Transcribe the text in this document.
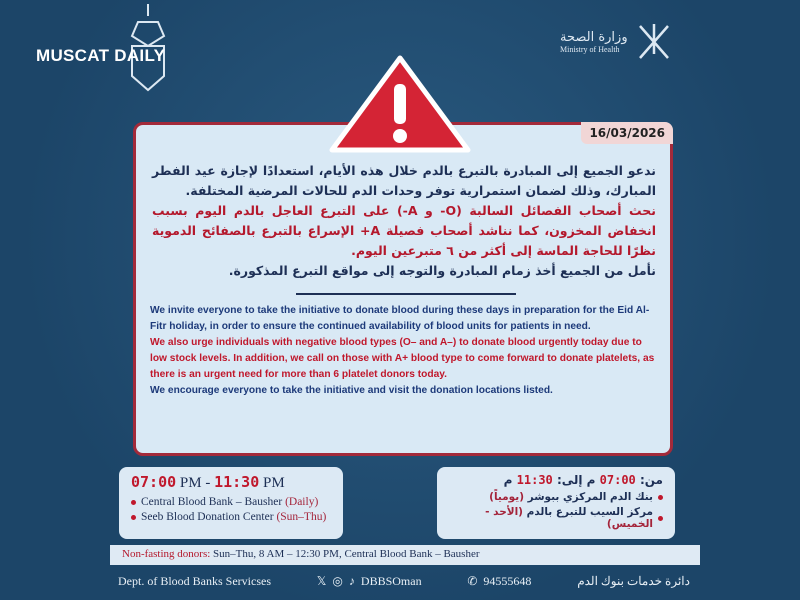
MUSCAT DAILY
وزارة الصحة
Ministry of Health
16/03/2026
ندعو الجميع إلى المبادرة بالتبرع بالدم خلال هذه الأيام، استعدادًا لإجازة عيد الفطر المبارك، وذلك لضمان استمرارية توفر وحدات الدم للحالات المرضية المختلفة.
نحث أصحاب الفصائل السالبة (O- و A-) على التبرع العاجل بالدم اليوم بسبب انخفاض المخزون، كما نناشد أصحاب فصيلة A+ الإسراع بالتبرع بالصفائح الدموية نظرًا للحاجة الماسة إلى أكثر من ٦ متبرعين اليوم.
نأمل من الجميع أخذ زمام المبادرة والتوجه إلى مواقع التبرع المذكورة.
We invite everyone to take the initiative to donate blood during these days in preparation for the Eid Al-Fitr holiday, in order to ensure the continued availability of blood units for patients in need.
We also urge individuals with negative blood types (O– and A–) to donate blood urgently today due to low stock levels. In addition, we call on those with A+ blood type to come forward to donate platelets, as there is an urgent need for more than 6 platelet donors today.
We encourage everyone to take the initiative and visit the donation locations listed.
07:00 PM - 11:30 PM
Central Blood Bank – Bausher (Daily)
Seeb Blood Donation Center (Sun–Thu)
من: 07:00 م إلى: 11:30 م
بنك الدم المركزي ببوشر (يومياً)
مركز السيب للتبرع بالدم (الأحد - الخميس)
Non-fasting donors: Sun–Thu, 8 AM – 12:30 PM, Central Blood Bank – Bausher
Dept. of Blood Banks Servicses	𝕏 ◎ ♪ DBBSOman	✆ 94555648	دائرة خدمات بنوك الدم
